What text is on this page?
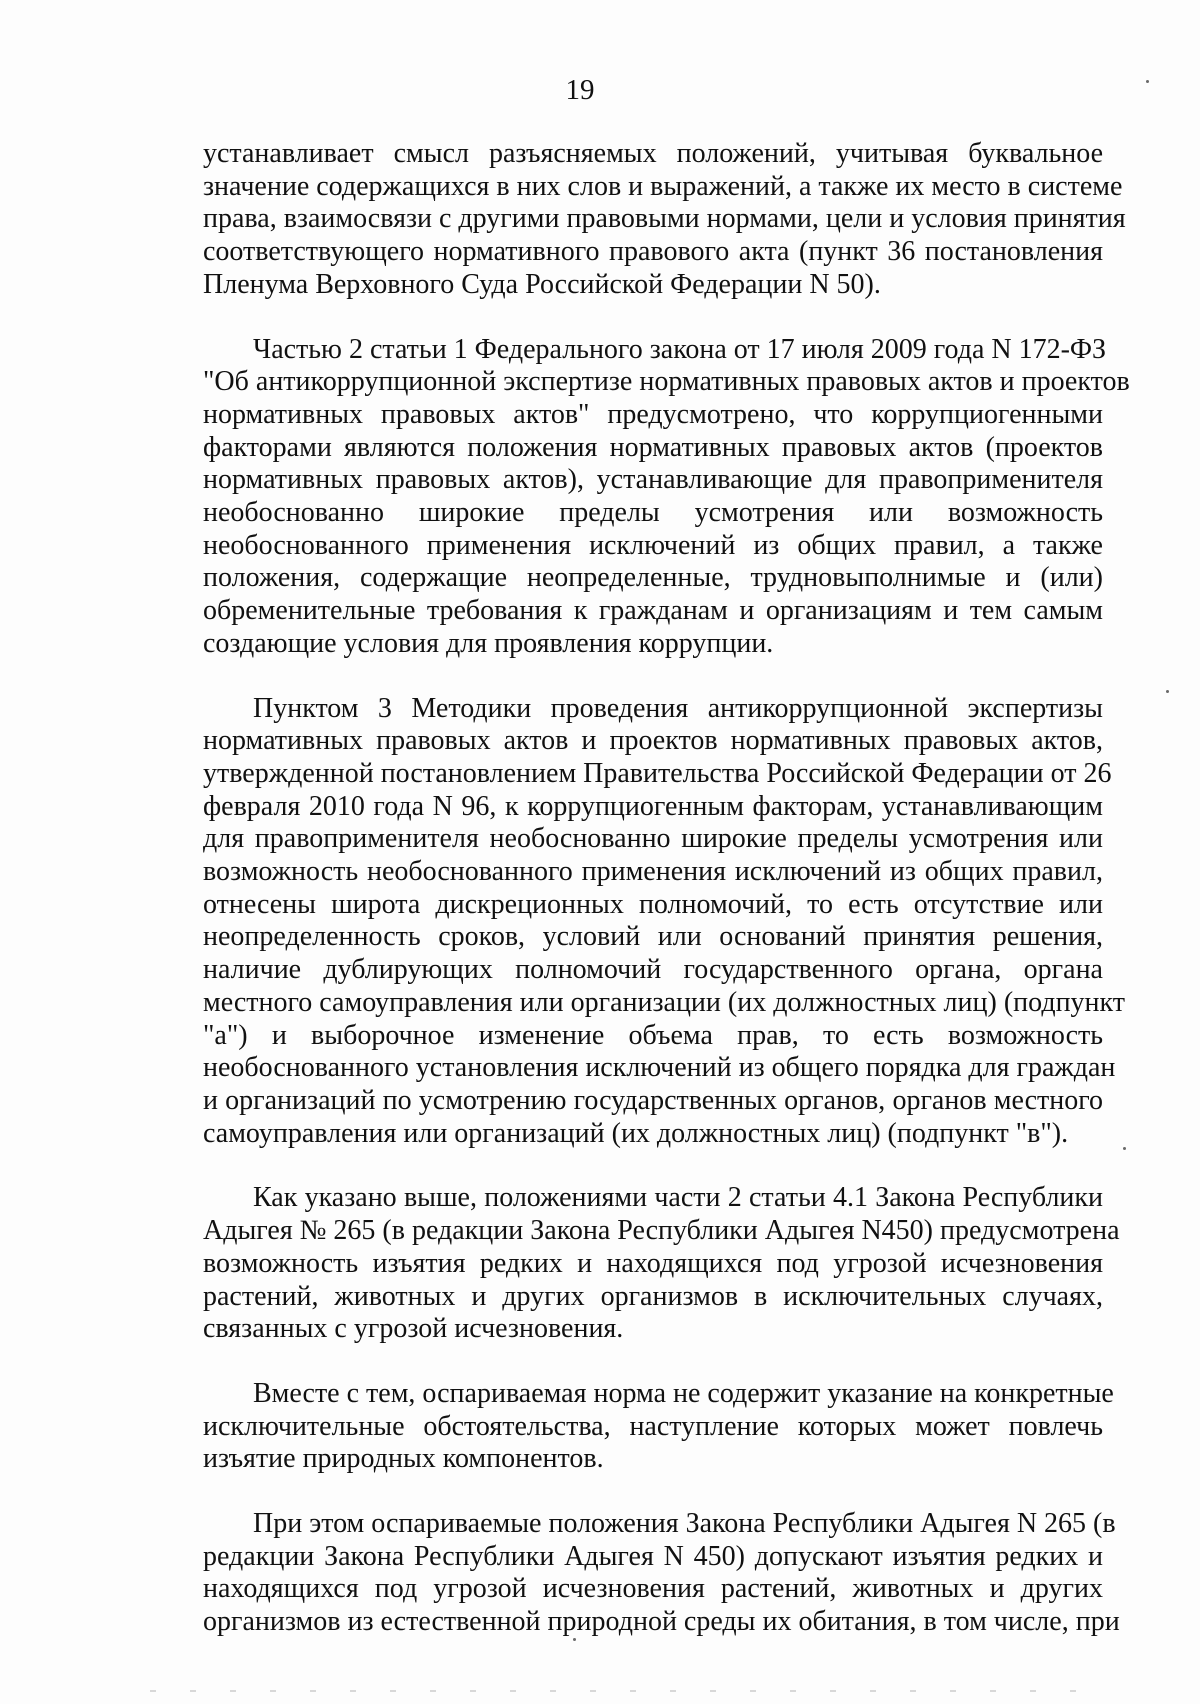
19

устанавливает смысл разъясняемых положений, учитывая буквальное
значение содержащихся в них слов и выражений, а также их место в системе
права, взаимосвязи с другими правовыми нормами, цели и условия принятия
соответствующего нормативного правового акта (пункт 36 постановления
Пленума Верховного Суда Российской Федерации N 50).

Частью 2 статьи 1 Федерального закона от 17 июля 2009 года N 172-ФЗ
"Об антикоррупционной экспертизе нормативных правовых актов и проектов
нормативных правовых актов" предусмотрено, что коррупциогенными
факторами являются положения нормативных правовых актов (проектов
нормативных правовых актов), устанавливающие для правоприменителя
необоснованно широкие пределы усмотрения или возможность
необоснованного применения исключений из общих правил, а также
положения, содержащие неопределенные, трудновыполнимые и (или)
обременительные требования к гражданам и организациям и тем самым
создающие условия для проявления коррупции.

Пунктом 3 Методики проведения антикоррупционной экспертизы
нормативных правовых актов и проектов нормативных правовых актов,
утвержденной постановлением Правительства Российской Федерации от 26
февраля 2010 года N 96, к коррупциогенным факторам, устанавливающим
для правоприменителя необоснованно широкие пределы усмотрения или
возможность необоснованного применения исключений из общих правил,
отнесены широта дискреционных полномочий, то есть отсутствие или
неопределенность сроков, условий или оснований принятия решения,
наличие дублирующих полномочий государственного органа, органа
местного самоуправления или организации (их должностных лиц) (подпункт
"а") и выборочное изменение объема прав, то есть возможность
необоснованного установления исключений из общего порядка для граждан
и организаций по усмотрению государственных органов, органов местного
самоуправления или организаций (их должностных лиц) (подпункт "в").

Как указано выше, положениями части 2 статьи 4.1 Закона Республики
Адыгея № 265 (в редакции Закона Республики Адыгея N450) предусмотрена
возможность изъятия редких и находящихся под угрозой исчезновения
растений, животных и других организмов в исключительных случаях,
связанных с угрозой исчезновения.

Вместе с тем, оспариваемая норма не содержит указание на конкретные
исключительные обстоятельства, наступление которых может повлечь
изъятие природных компонентов.

При этом оспариваемые положения Закона Республики Адыгея N 265 (в
редакции Закона Республики Адыгея N 450) допускают изъятия редких и
находящихся под угрозой исчезновения растений, животных и других
организмов из естественной природной среды их обитания, в том числе, при
